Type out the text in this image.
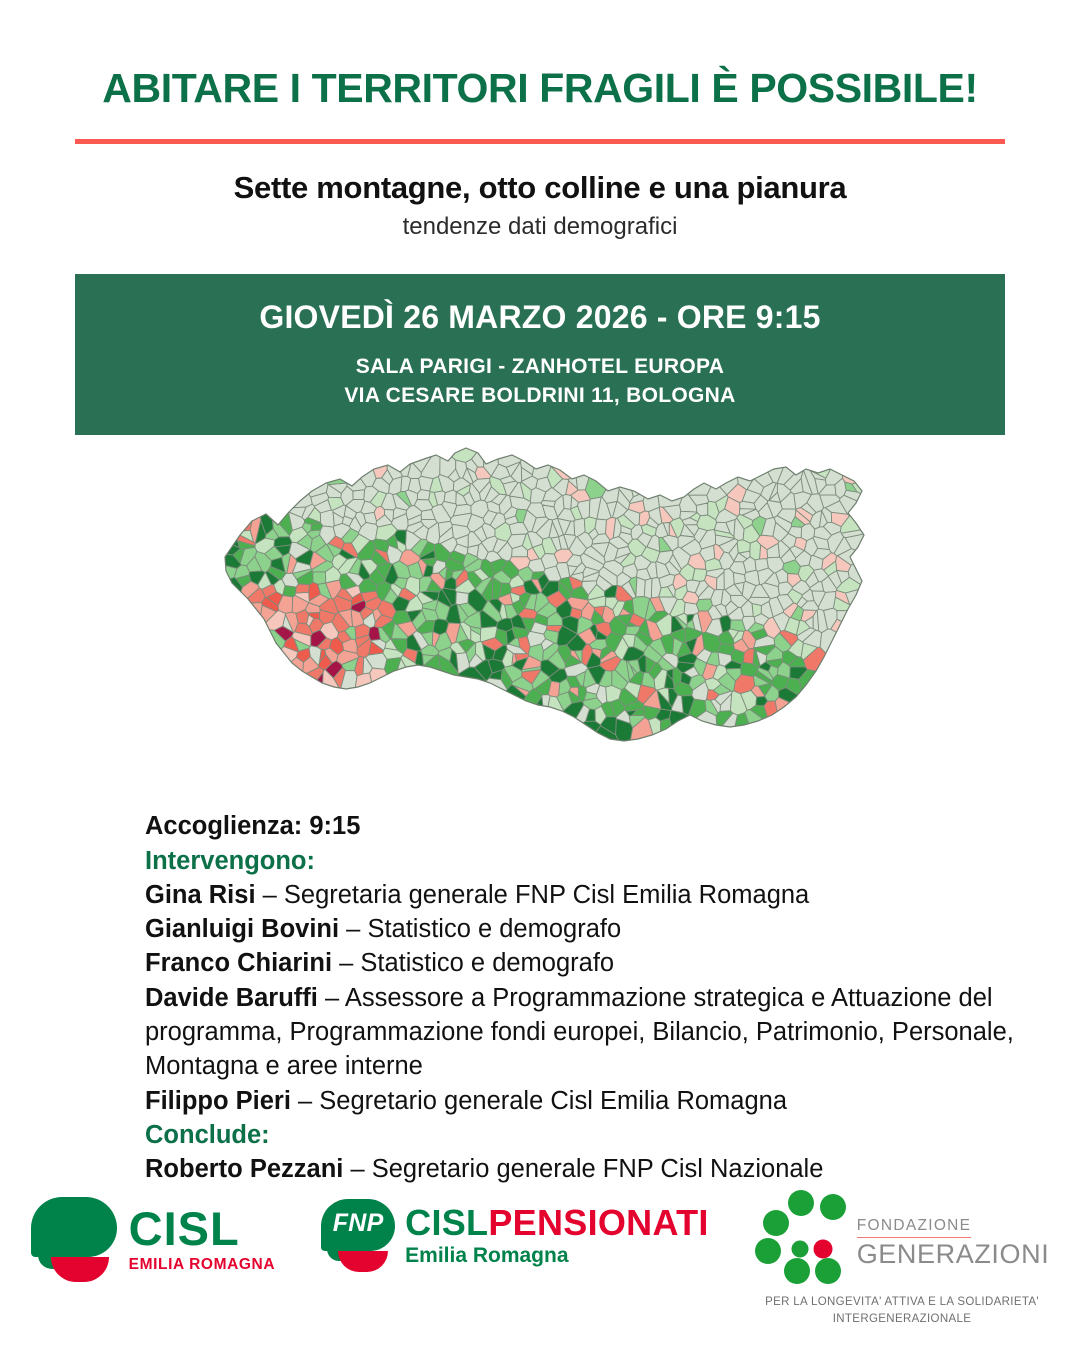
ABITARE I TERRITORI FRAGILI È POSSIBILE!
Sette montagne, otto colline e una pianura

tendenze dati demografici

GIOVEDÌ 26 MARZO 2026 - ORE 9:15
SALA PARIGI - ZANHOTEL EUROPA
VIA CESARE BOLDRINI 11, BOLOGNA
Accoglienza: 9:15
Intervengono:
Gina Risi – Segretaria generale FNP Cisl Emilia Romagna
Gianluigi Bovini – Statistico e demografo
Franco Chiarini – Statistico e demografo
Davide Baruffi – Assessore a Programmazione strategica e Attuazione del programma, Programmazione fondi europei, Bilancio, Patrimonio, Personale, Montagna e aree interne
Filippo Pieri – Segretario generale Cisl Emilia Romagna
Conclude:
Roberto Pezzani – Segretario generale FNP Cisl Nazionale
CISL
EMILIA ROMAGNA
FNP CISLPENSIONATI
Emilia Romagna
FONDAZIONE
GENERAZIONI
PER LA LONGEVITA' ATTIVA E LA SOLIDARIETA'
INTERGENERAZIONALE
